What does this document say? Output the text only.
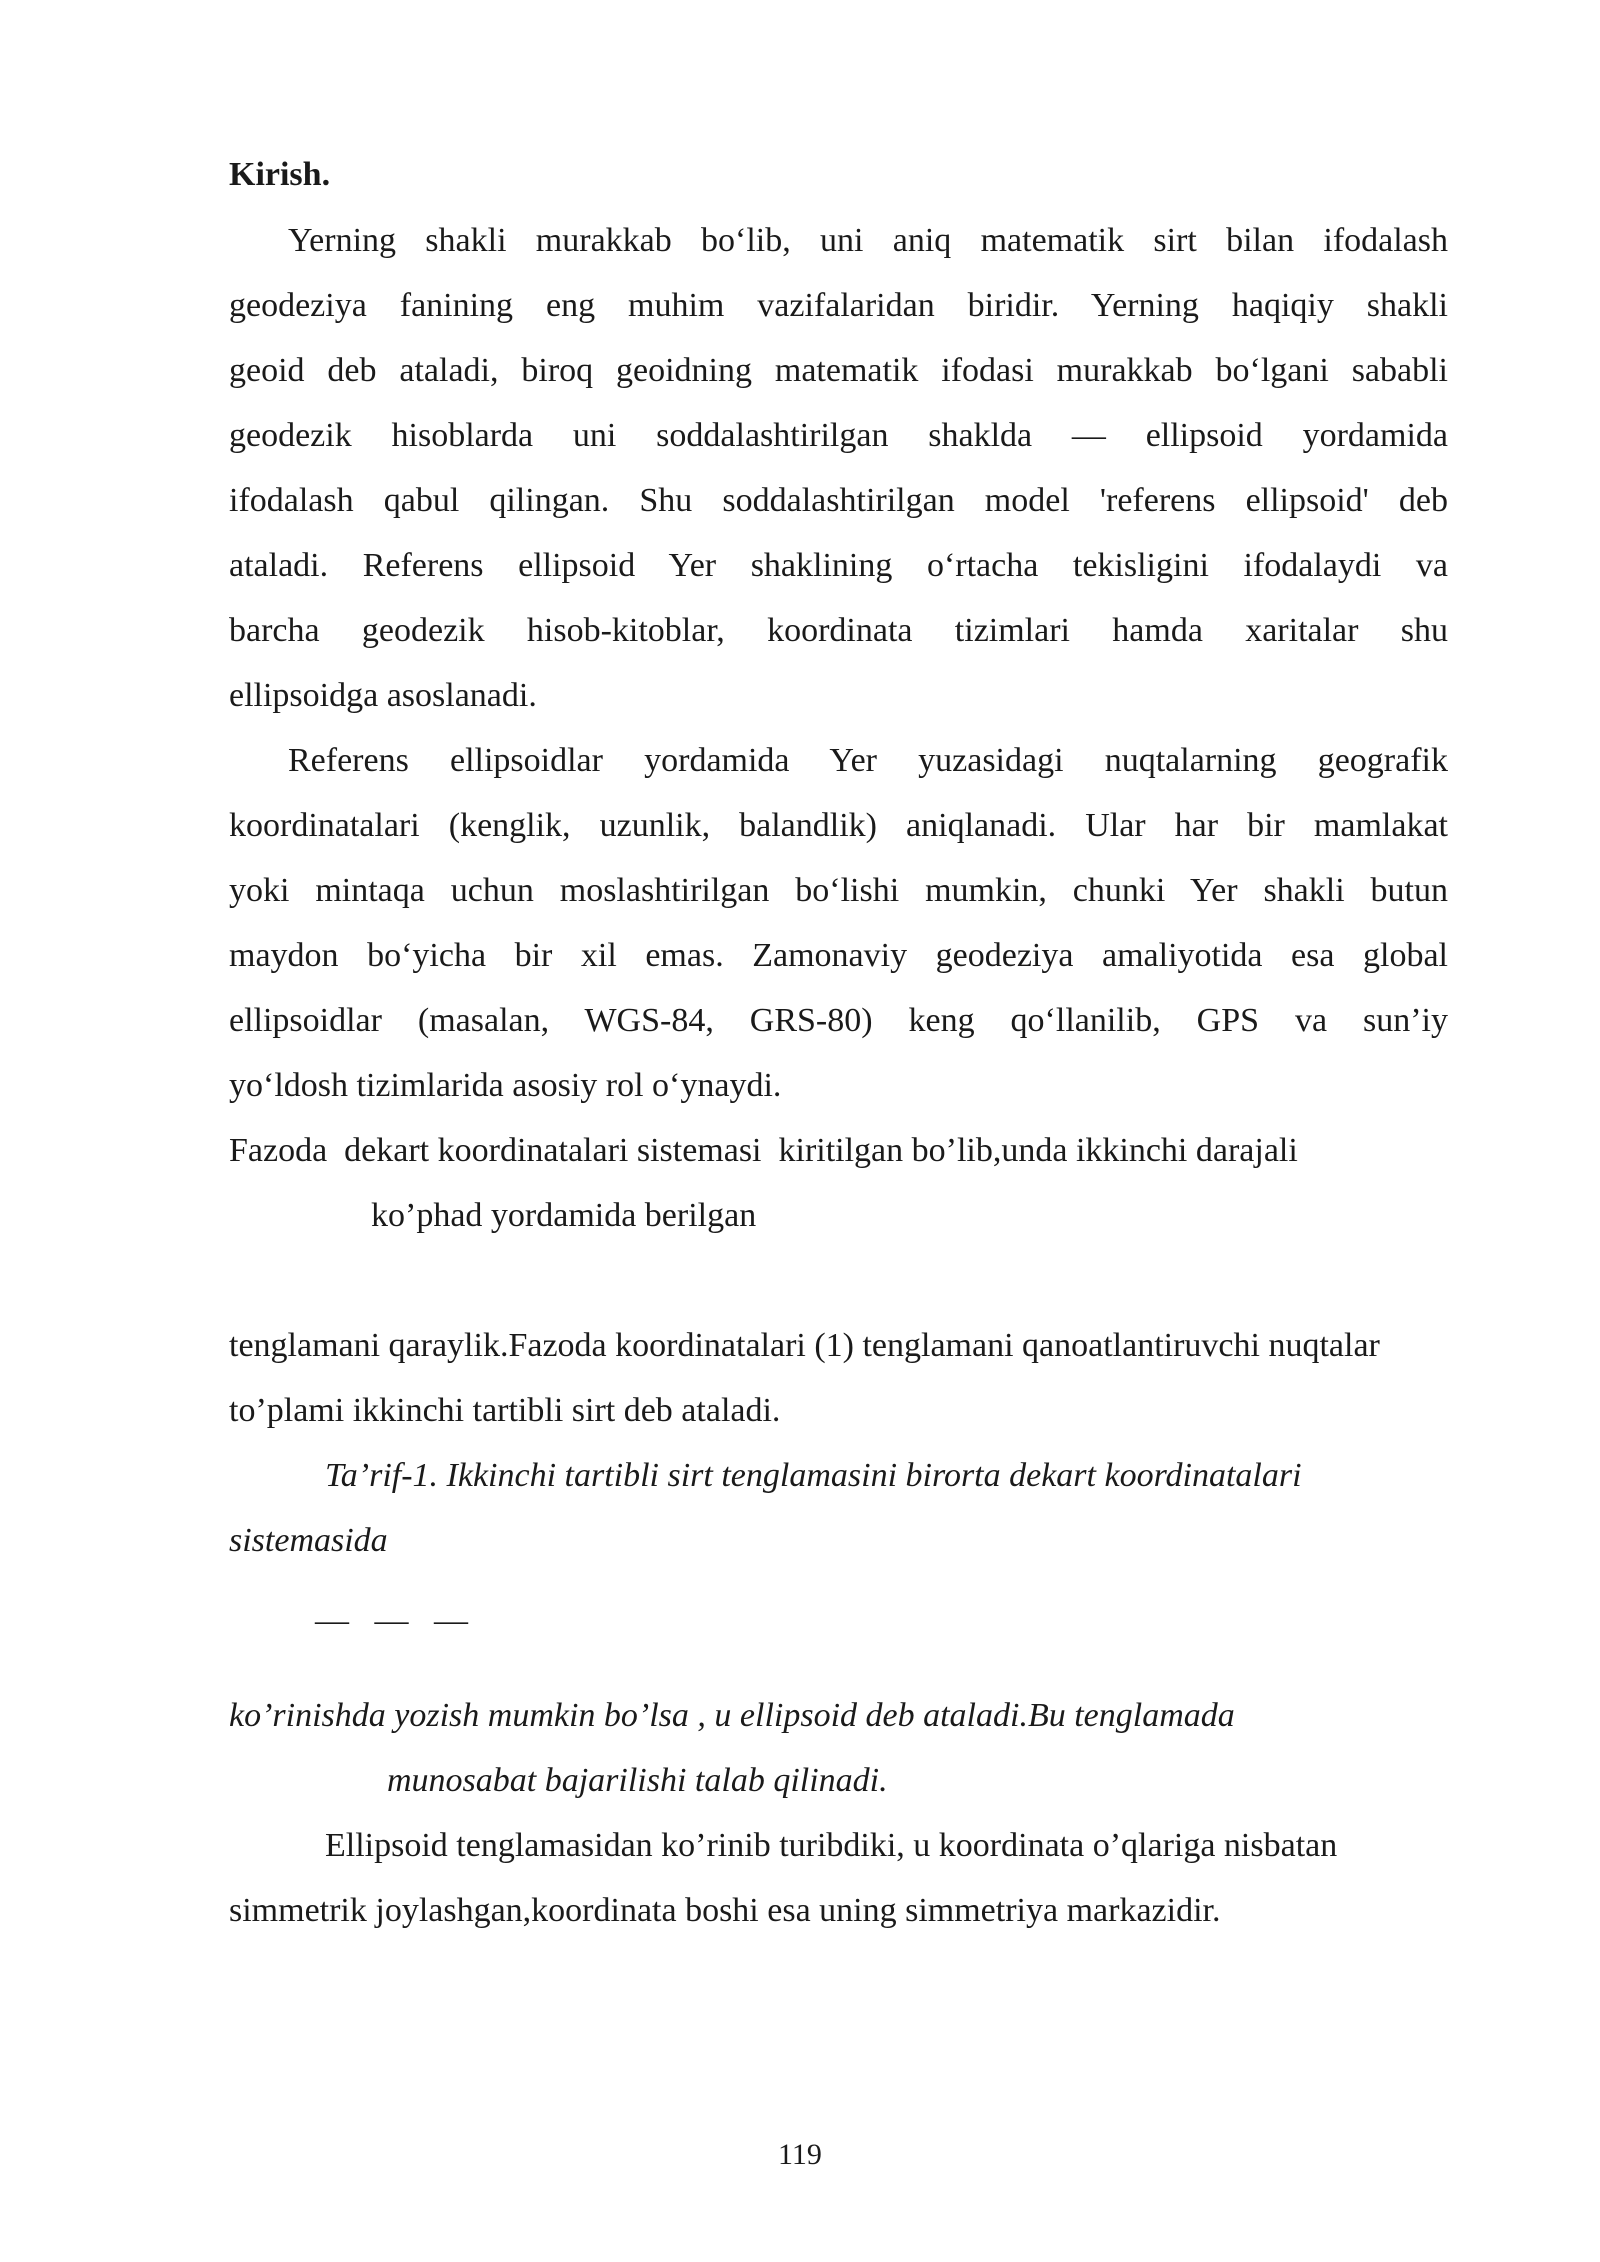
Kirish.

Yerning shakli murakkab bo‘lib, uni aniq matematik sirt bilan ifodalash

geodeziya fanining eng muhim vazifalaridan biridir. Yerning haqiqiy shakli

geoid deb ataladi, biroq geoidning matematik ifodasi murakkab bo‘lgani sababli

geodezik hisoblarda uni soddalashtirilgan shaklda — ellipsoid yordamida

ifodalash qabul qilingan. Shu soddalashtirilgan model 'referens ellipsoid' deb

ataladi. Referens ellipsoid Yer shaklining o‘rtacha tekisligini ifodalaydi va

barcha geodezik hisob-kitoblar, koordinata tizimlari hamda xaritalar shu

ellipsoidga asoslanadi.

Referens ellipsoidlar yordamida Yer yuzasidagi nuqtalarning geografik

koordinatalari (kenglik, uzunlik, balandlik) aniqlanadi. Ular har bir mamlakat

yoki mintaqa uchun moslashtirilgan bo‘lishi mumkin, chunki Yer shakli butun

maydon bo‘yicha bir xil emas. Zamonaviy geodeziya amaliyotida esa global

ellipsoidlar (masalan, WGS-84, GRS-80) keng qo‘llanilib, GPS va sun’iy

yo‘ldosh tizimlarida asosiy rol o‘ynaydi.

Fazoda  dekart koordinatalari sistemasi  kiritilgan bo’lib,unda ikkinchi darajali

ko’phad yordamida berilgan

tenglamani qaraylik.Fazoda koordinatalari (1) tenglamani qanoatlantiruvchi nuqtalar

to’plami ikkinchi tartibli sirt deb ataladi.

Ta’rif-1. Ikkinchi tartibli sirt tenglamasini birorta dekart koordinatalari

sistemasida

—   —   —

ko’rinishda yozish mumkin bo’lsa , u ellipsoid deb ataladi.Bu tenglamada

munosabat bajarilishi talab qilinadi.

Ellipsoid tenglamasidan ko’rinib turibdiki, u koordinata o’qlariga nisbatan

simmetrik joylashgan,koordinata boshi esa uning simmetriya markazidir.

119
